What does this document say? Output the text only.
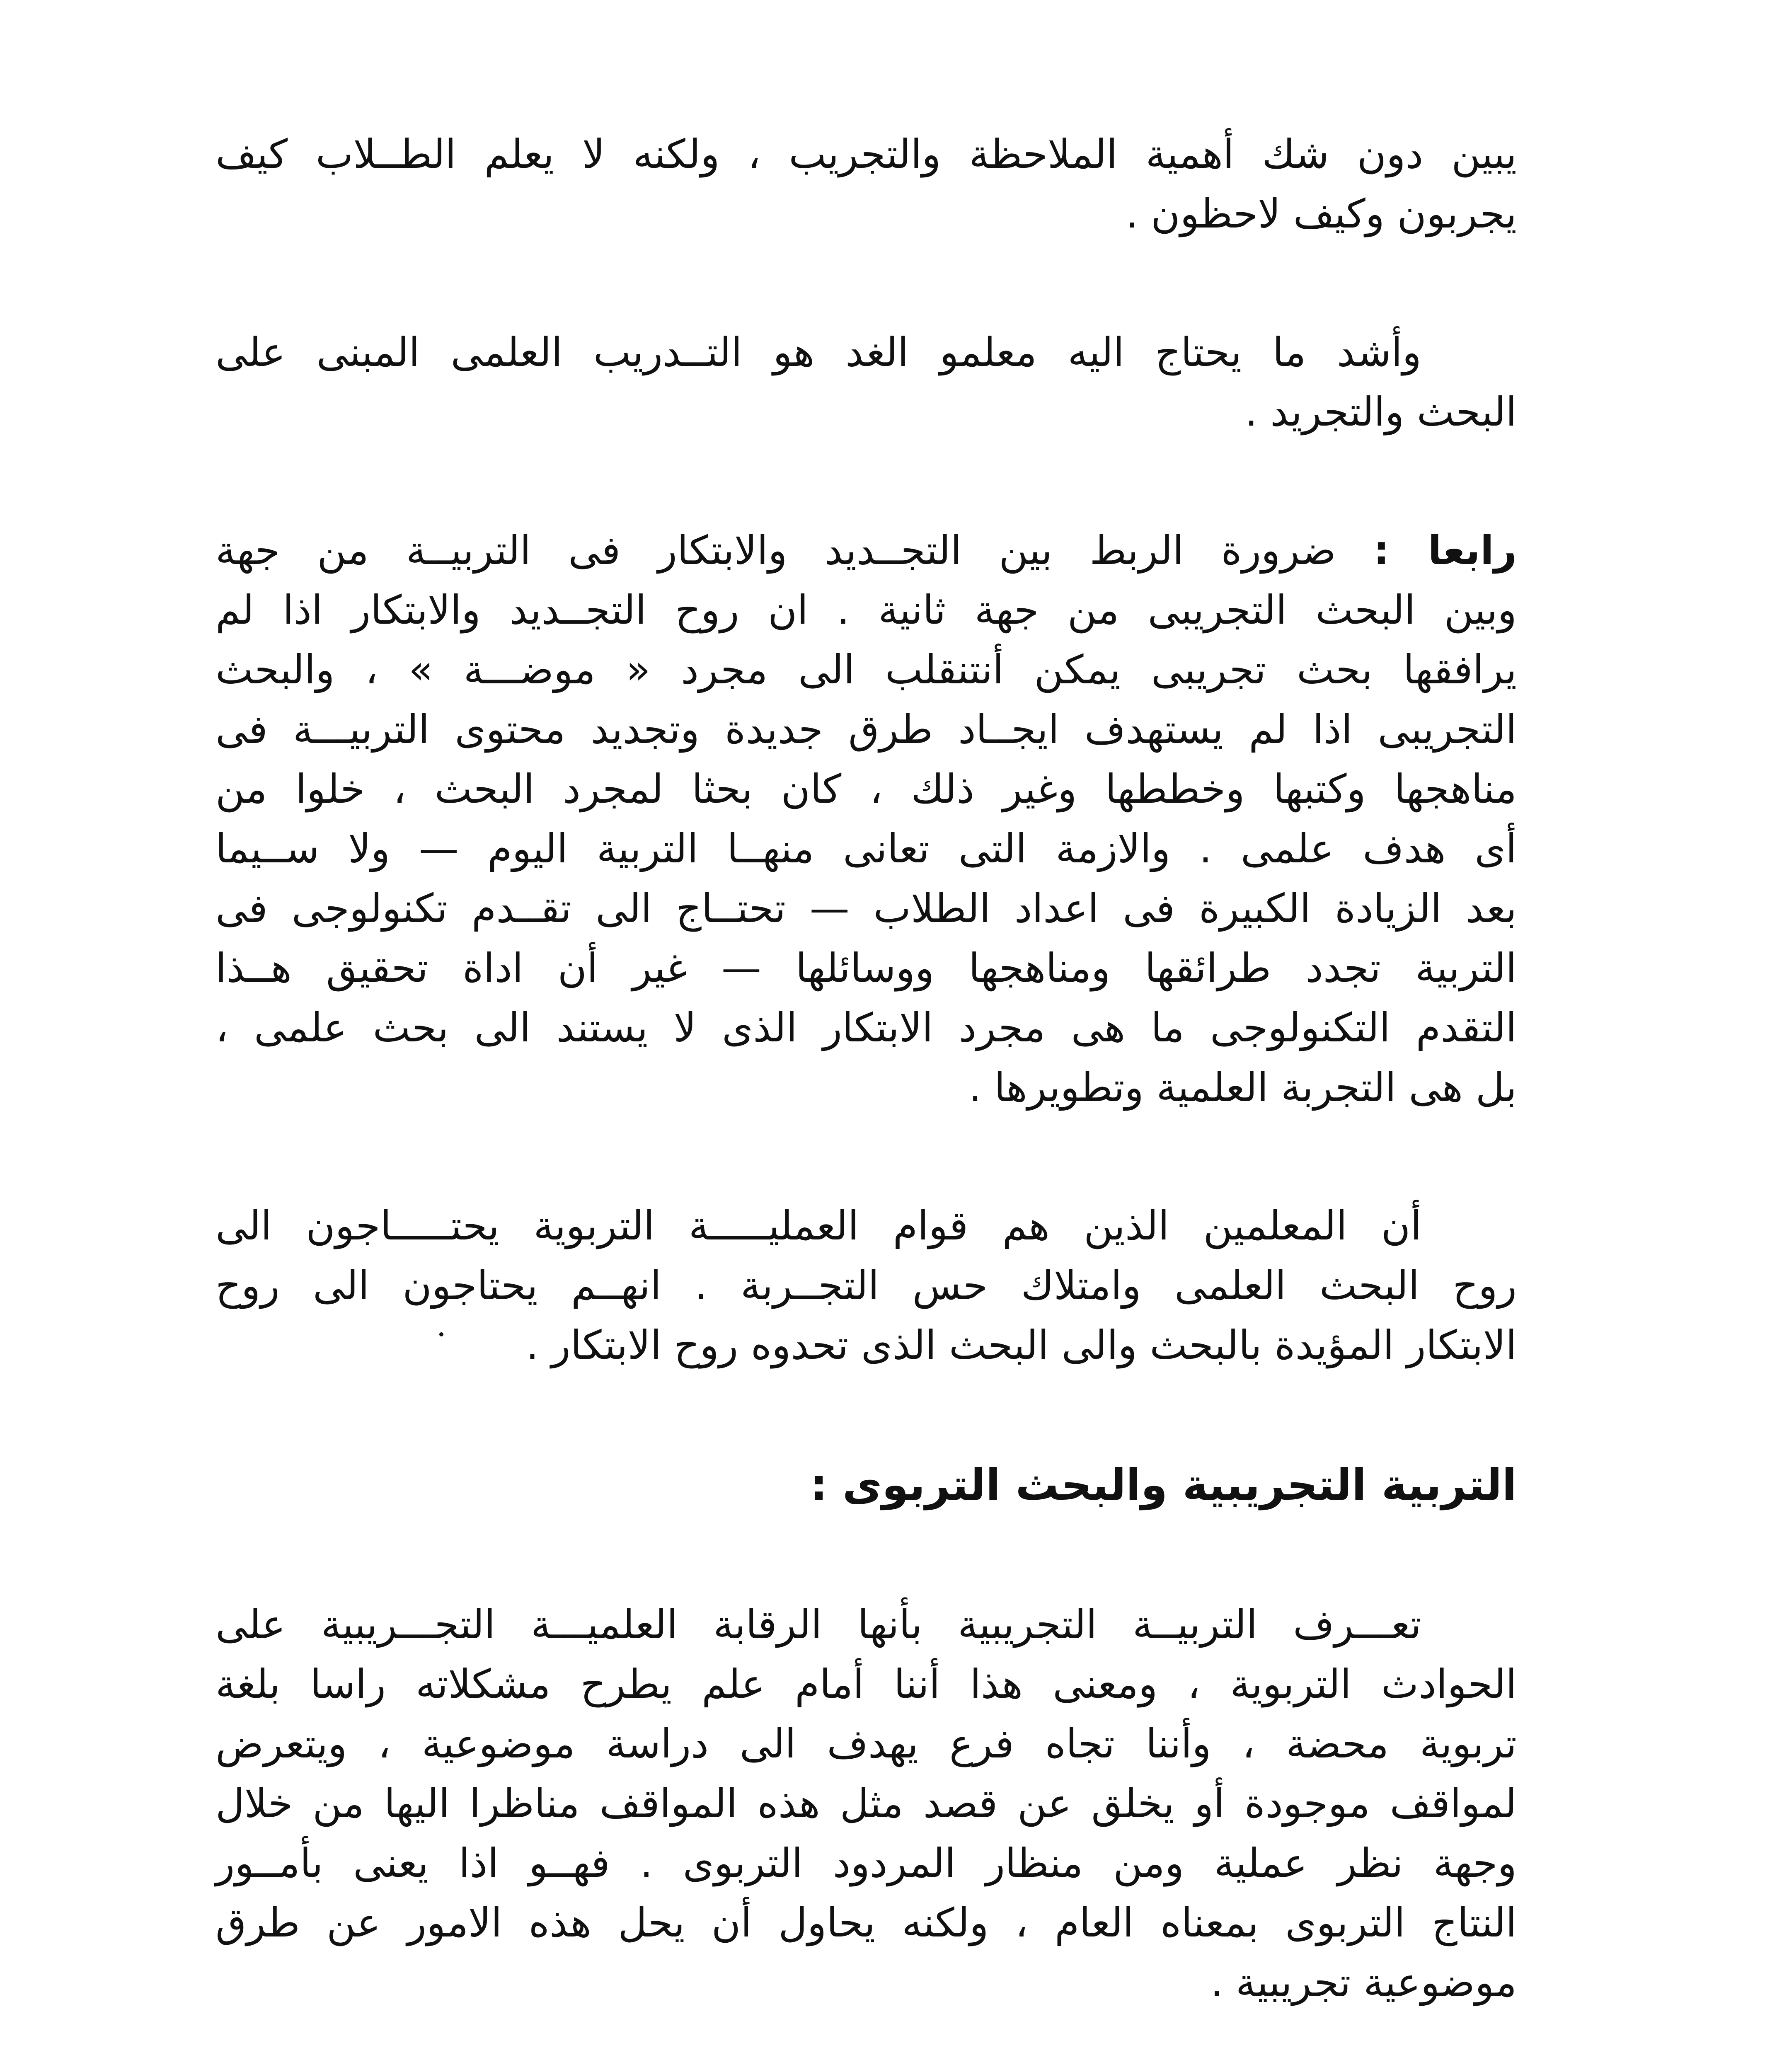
يبين دون شك أهمية الملاحظة والتجريب ، ولكنه لا يعلم الطــلاب كيف
يجربون وكيف لاحظون .

وأشد ما يحتاج اليه معلمو الغد هو التــدريب العلمى المبنى على
البحث والتجريد .

رابعا : ضرورة الربط بين التجــديد والابتكار فى التربيــة من جهة
وبين البحث التجريبى من جهة ثانية . ان روح التجــديد والابتكار اذا لم
يرافقها بحث تجريبى يمكن أنتنقلب الى مجرد « موضـــة » ، والبحث
التجريبى اذا لم يستهدف ايجــاد طرق جديدة وتجديد محتوى التربيـــة فى
مناهجها وكتبها وخططها وغير ذلك ، كان بحثا لمجرد البحث ، خلوا من
أى هدف علمى . والازمة التى تعانى منهــا التربية اليوم — ولا ســيما
بعد الزيادة الكبيرة فى اعداد الطلاب — تحتــاج الى تقــدم تكنولوجى فى
التربية تجدد طرائقها ومناهجها ووسائلها — غير أن اداة تحقيق هــذا
التقدم التكنولوجى ما هى مجرد الابتكار الذى لا يستند الى بحث علمى ،
بل هى التجربة العلمية وتطويرها .

أن المعلمين الذين هم قوام العمليـــــة التربوية يحتـــــاجون الى
روح البحث العلمى وامتلاك حس التجــربة . انهــم يحتاجون الى روح
الابتكار المؤيدة بالبحث والى البحث الذى تحدوه روح الابتكار .

التربية التجريبية والبحث التربوى :

تعـــرف التربيــة التجريبية بأنها الرقابة العلميـــة التجـــريبية على
الحوادث التربوية ، ومعنى هذا أننا أمام علم يطرح مشكلاته راسا بلغة
تربوية محضة ، وأننا تجاه فرع يهدف الى دراسة موضوعية ، ويتعرض
لمواقف موجودة أو يخلق عن قصد مثل هذه المواقف مناظرا اليها من خلال
وجهة نظر عملية ومن منظار المردود التربوى . فهــو اذا يعنى بأمــور
النتاج التربوى بمعناه العام ، ولكنه يحاول أن يحل هذه الامور عن طرق
موضوعية تجريبية .
